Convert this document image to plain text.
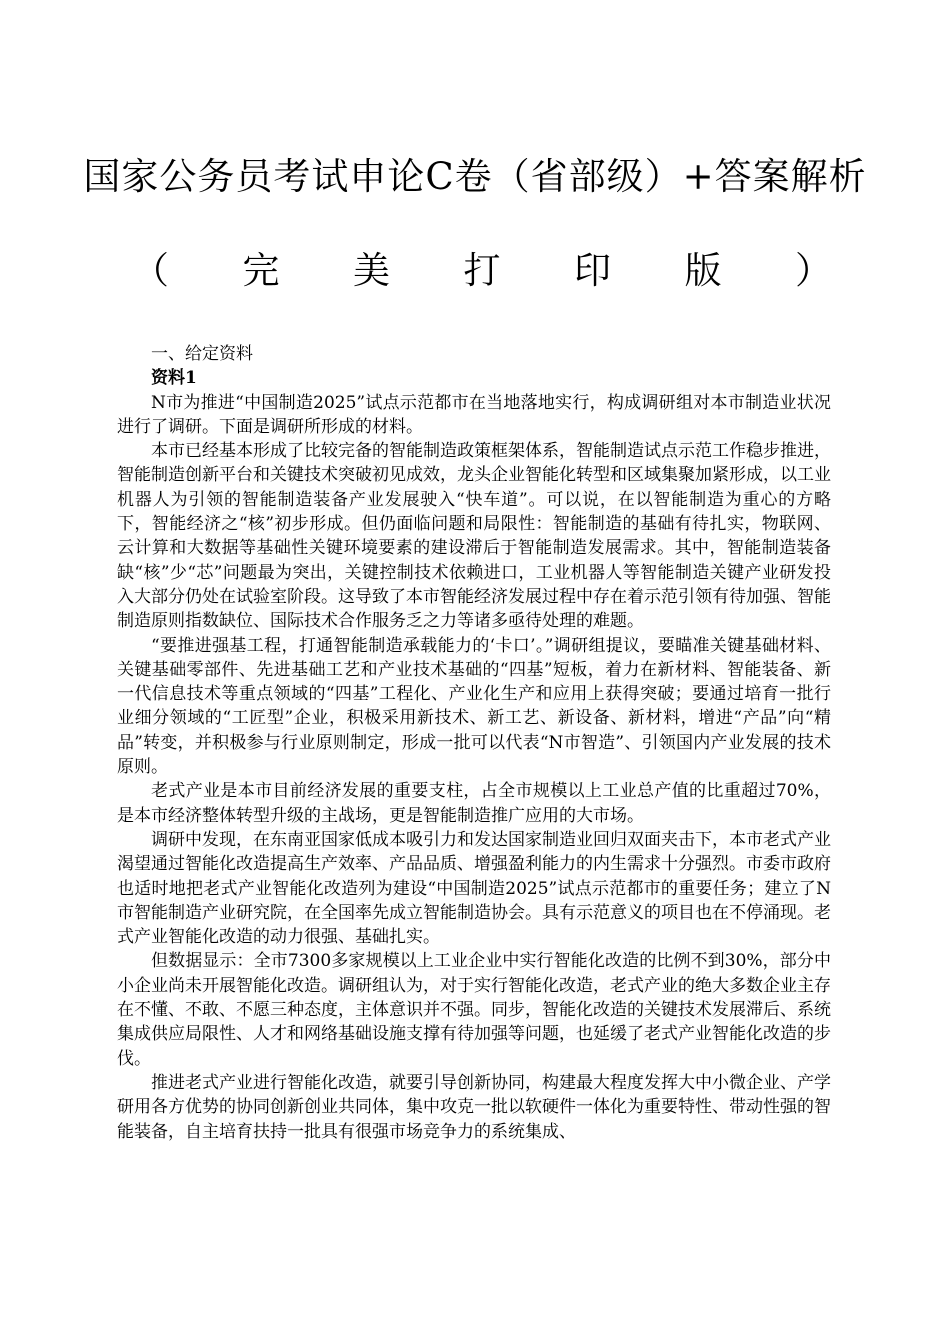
国家公务员考试申论C卷（省部级）+答案解析
（ 完 美 打 印 版 ）

一、给定资料

资料1

N市为推进“中国制造2025”试点示范都市在当地落地实行，构成调研组对本市制造业状况进行了调研。下面是调研所形成的材料。

本市已经基本形成了比较完备的智能制造政策框架体系，智能制造试点示范工作稳步推进，智能制造创新平台和关键技术突破初见成效，龙头企业智能化转型和区域集聚加紧形成，以工业机器人为引领的智能制造装备产业发展驶入“快车道”。可以说，在以智能制造为重心的方略下，智能经济之“核”初步形成。但仍面临问题和局限性：智能制造的基础有待扎实，物联网、云计算和大数据等基础性关键环境要素的建设滞后于智能制造发展需求。其中，智能制造装备缺“核”少“芯”问题最为突出，关键控制技术依赖进口，工业机器人等智能制造关键产业研发投入大部分仍处在试验室阶段。这导致了本市智能经济发展过程中存在着示范引领有待加强、智能制造原则指数缺位、国际技术合作服务乏之力等诸多亟待处理的难题。

“要推进强基工程，打通智能制造承载能力的‘卡口’。”调研组提议，要瞄准关键基础材料、关键基础零部件、先进基础工艺和产业技术基础的“四基”短板，着力在新材料、智能装备、新一代信息技术等重点领域的“四基”工程化、产业化生产和应用上获得突破；要通过培育一批行业细分领域的“工匠型”企业，积极采用新技术、新工艺、新设备、新材料，增进“产品”向“精品”转变，并积极参与行业原则制定，形成一批可以代表“N市智造”、引领国内产业发展的技术原则。

老式产业是本市目前经济发展的重要支柱，占全市规模以上工业总产值的比重超过70%，是本市经济整体转型升级的主战场，更是智能制造推广应用的大市场。

调研中发现，在东南亚国家低成本吸引力和发达国家制造业回归双面夹击下，本市老式产业渴望通过智能化改造提高生产效率、产品品质、增强盈利能力的内生需求十分强烈。市委市政府也适时地把老式产业智能化改造列为建设“中国制造2025”试点示范都市的重要任务；建立了N市智能制造产业研究院，在全国率先成立智能制造协会。具有示范意义的项目也在不停涌现。老式产业智能化改造的动力很强、基础扎实。

但数据显示：全市7300多家规模以上工业企业中实行智能化改造的比例不到30%，部分中小企业尚未开展智能化改造。调研组认为，对于实行智能化改造，老式产业的绝大多数企业主存在不懂、不敢、不愿三种态度，主体意识并不强。同步，智能化改造的关键技术发展滞后、系统集成供应局限性、人才和网络基础设施支撑有待加强等问题，也延缓了老式产业智能化改造的步伐。

推进老式产业进行智能化改造，就要引导创新协同，构建最大程度发挥大中小微企业、产学研用各方优势的协同创新创业共同体，集中攻克一批以软硬件一体化为重要特性、带动性强的智能装备，自主培育扶持一批具有很强市场竞争力的系统集成、
